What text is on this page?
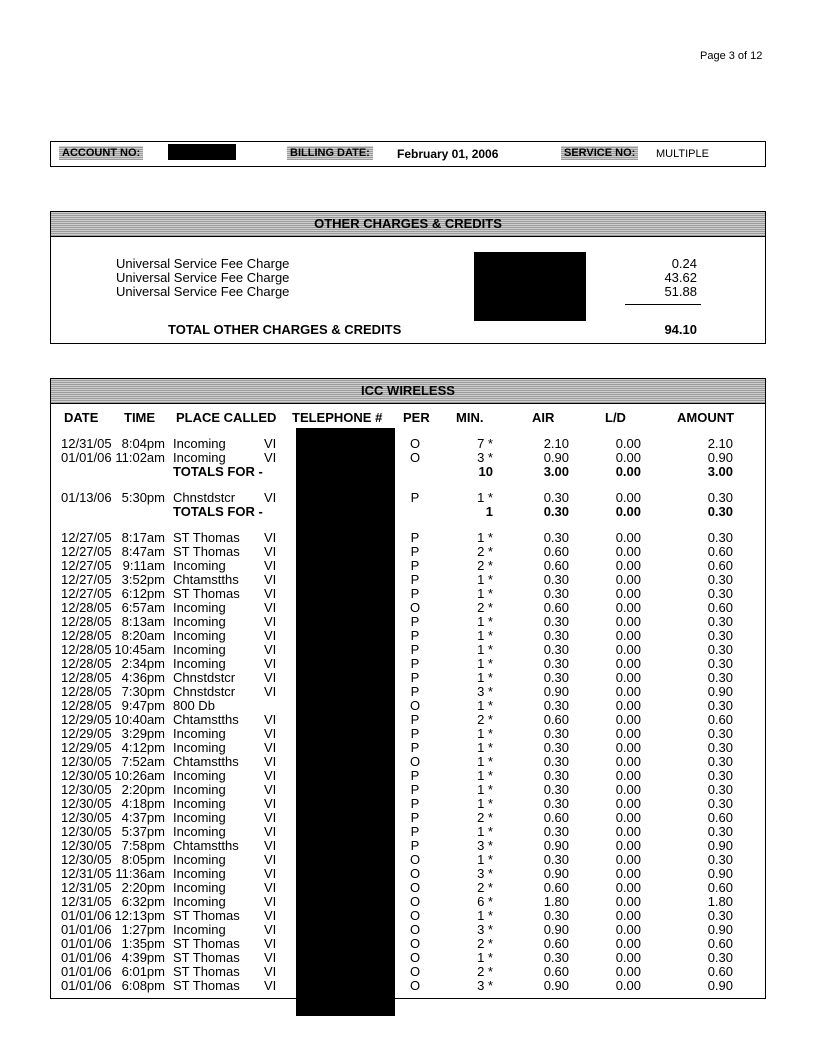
Page 3 of 12
ACCOUNT NO:	BILLING DATE: February 01, 2006	SERVICE NO: MULTIPLE
OTHER CHARGES & CREDITS
Universal Service Fee Charge	0.24
Universal Service Fee Charge	43.62
Universal Service Fee Charge	51.88
TOTAL OTHER CHARGES & CREDITS	94.10
ICC WIRELESS
DATE TIME PLACE CALLED TELEPHONE # PER MIN.	AIR	L/D	AMOUNT
12/31/05 8:04pm Incoming	VI	O	7 *	2.10	0.00	2.10
01/01/06 11:02am Incoming	VI	O	3 *	0.90	0.00	0.90
TOTALS FOR -	10	3.00	0.00	3.00
01/13/06 5:30pm Chnstdstcr VI	P	1 *	0.30	0.00	0.30
TOTALS FOR -	1	0.30	0.00	0.30
12/27/05 8:17am ST Thomas VI	P	1 *	0.30	0.00	0.30
12/27/05 8:47am ST Thomas VI	P	2 *	0.60	0.00	0.60
12/27/05 9:11am Incoming	VI	P	2 *	0.60	0.00	0.60
12/27/05 3:52pm Chtamstths VI	P	1 *	0.30	0.00	0.30
12/27/05 6:12pm ST Thomas VI	P	1 *	0.30	0.00	0.30
12/28/05 6:57am Incoming	VI	O	2 *	0.60	0.00	0.60
12/28/05 8:13am Incoming	VI	P	1 *	0.30	0.00	0.30
12/28/05 8:20am Incoming	VI	P	1 *	0.30	0.00	0.30
12/28/05 10:45am Incoming	VI	P	1 *	0.30	0.00	0.30
12/28/05 2:34pm Incoming	VI	P	1 *	0.30	0.00	0.30
12/28/05 4:36pm Chnstdstcr VI	P	1 *	0.30	0.00	0.30
12/28/05 7:30pm Chnstdstcr VI	P	3 *	0.90	0.00	0.90
12/28/05 9:47pm 800 Db	O	1 *	0.30	0.00	0.30
12/29/05 10:40am Chtamstths VI	P	2 *	0.60	0.00	0.60
12/29/05 3:29pm Incoming	VI	P	1 *	0.30	0.00	0.30
12/29/05 4:12pm Incoming	VI	P	1 *	0.30	0.00	0.30
12/30/05 7:52am Chtamstths VI	O	1 *	0.30	0.00	0.30
12/30/05 10:26am Incoming	VI	P	1 *	0.30	0.00	0.30
12/30/05 2:20pm Incoming	VI	P	1 *	0.30	0.00	0.30
12/30/05 4:18pm Incoming	VI	P	1 *	0.30	0.00	0.30
12/30/05 4:37pm Incoming	VI	P	2 *	0.60	0.00	0.60
12/30/05 5:37pm Incoming	VI	P	1 *	0.30	0.00	0.30
12/30/05 7:58pm Chtamstths VI	P	3 *	0.90	0.00	0.90
12/30/05 8:05pm Incoming	VI	O	1 *	0.30	0.00	0.30
12/31/05 11:36am Incoming	VI	O	3 *	0.90	0.00	0.90
12/31/05 2:20pm Incoming	VI	O	2 *	0.60	0.00	0.60
12/31/05 6:32pm Incoming	VI	O	6 *	1.80	0.00	1.80
01/01/06 12:13pm ST Thomas VI	O	1 *	0.30	0.00	0.30
01/01/06 1:27pm Incoming	VI	O	3 *	0.90	0.00	0.90
01/01/06 1:35pm ST Thomas VI	O	2 *	0.60	0.00	0.60
01/01/06 4:39pm ST Thomas VI	O	1 *	0.30	0.00	0.30
01/01/06 6:01pm ST Thomas VI	O	2 *	0.60	0.00	0.60
01/01/06 6:08pm ST Thomas VI	O	3 *	0.90	0.00	0.90
